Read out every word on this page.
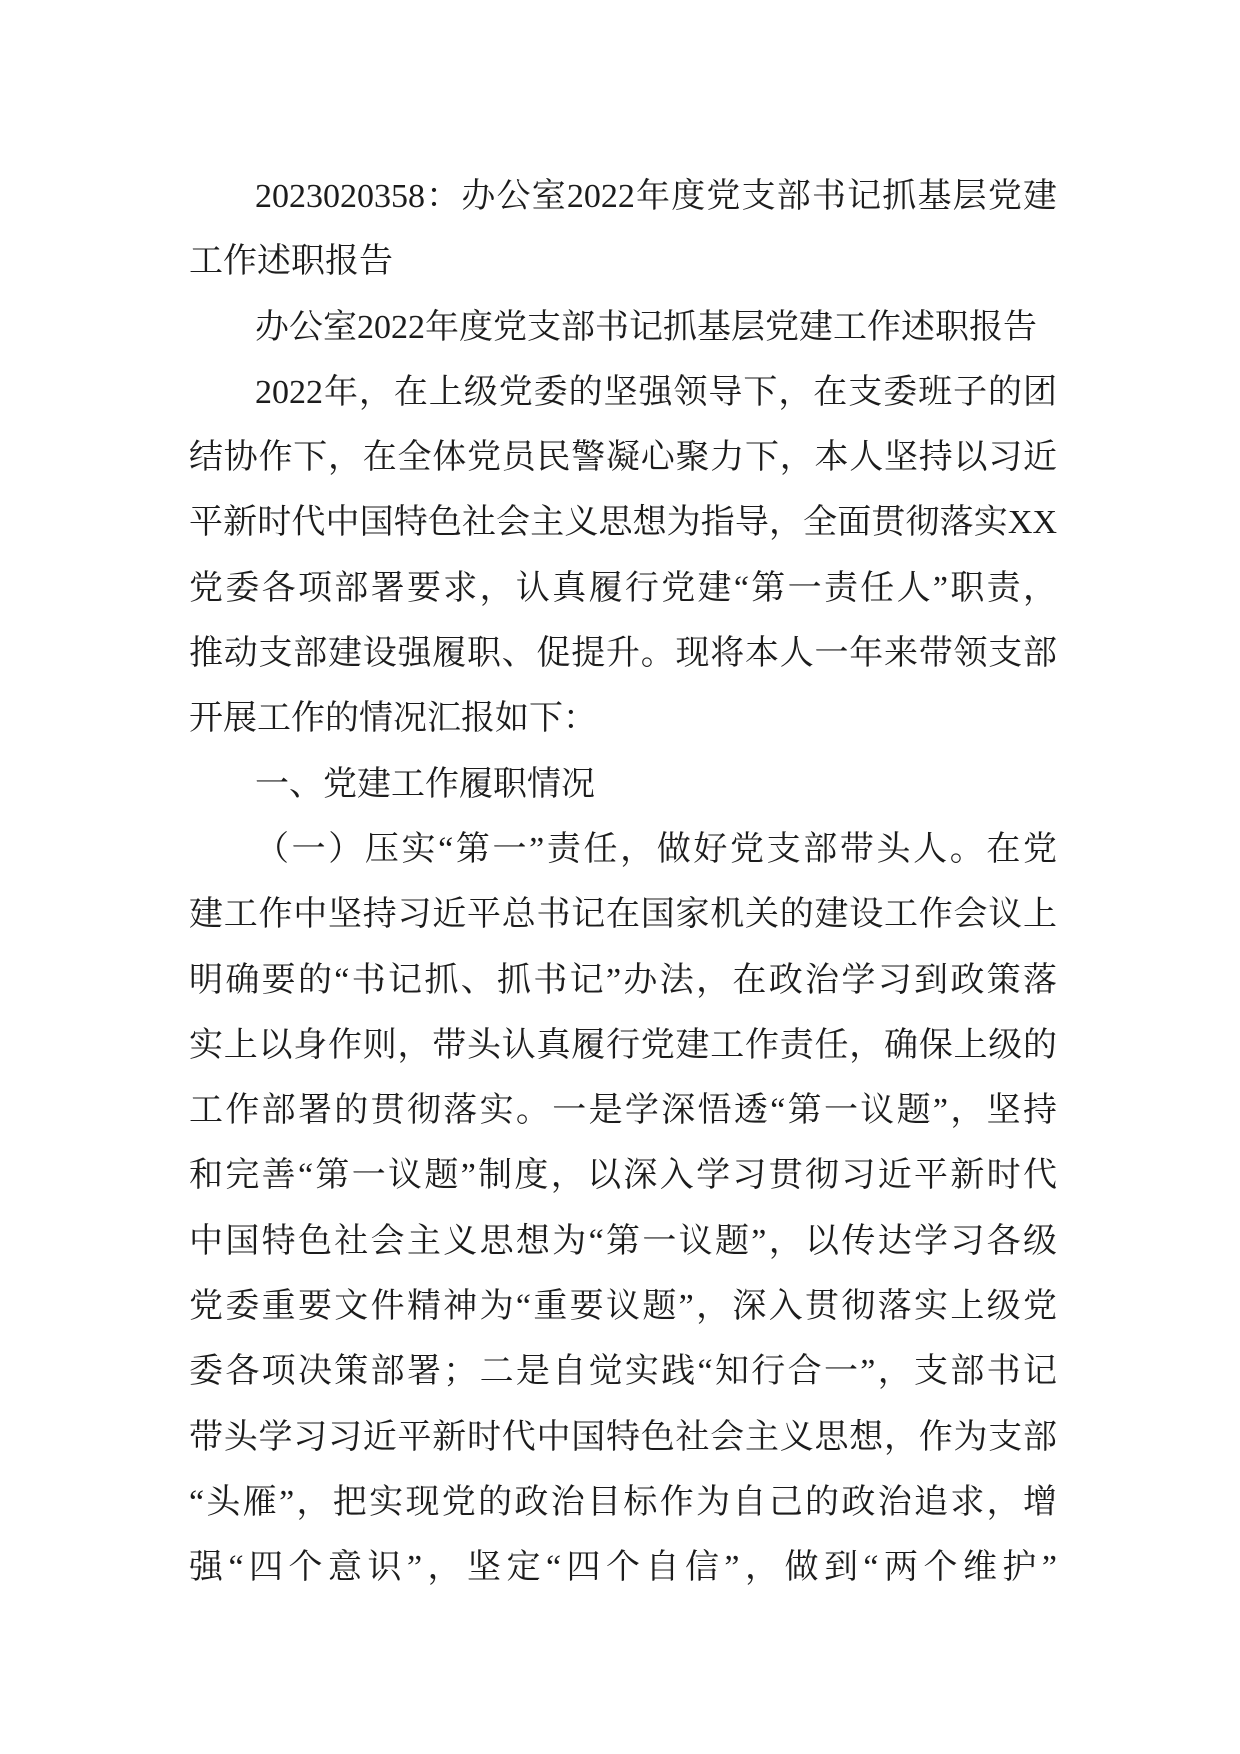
2023020358：办公室2022年度党支部书记抓基层党建
工作述职报告
办公室2022年度党支部书记抓基层党建工作述职报告
2022年，在上级党委的坚强领导下，在支委班子的团
结协作下，在全体党员民警凝心聚力下，本人坚持以习近
平新时代中国特色社会主义思想为指导，全面贯彻落实XX
党委各项部署要求，认真履行党建“第一责任人”职责，
推动支部建设强履职、促提升。现将本人一年来带领支部
开展工作的情况汇报如下：
一、党建工作履职情况
（一）压实“第一”责任，做好党支部带头人。在党
建工作中坚持习近平总书记在国家机关的建设工作会议上
明确要的“书记抓、抓书记”办法，在政治学习到政策落
实上以身作则，带头认真履行党建工作责任，确保上级的
工作部署的贯彻落实。一是学深悟透“第一议题”，坚持
和完善“第一议题”制度，以深入学习贯彻习近平新时代
中国特色社会主义思想为“第一议题”，以传达学习各级
党委重要文件精神为“重要议题”，深入贯彻落实上级党
委各项决策部署；二是自觉实践“知行合一”，支部书记
带头学习习近平新时代中国特色社会主义思想，作为支部
“头雁”，把实现党的政治目标作为自己的政治追求，增
强“四个意识”，坚定“四个自信”，做到“两个维护”
